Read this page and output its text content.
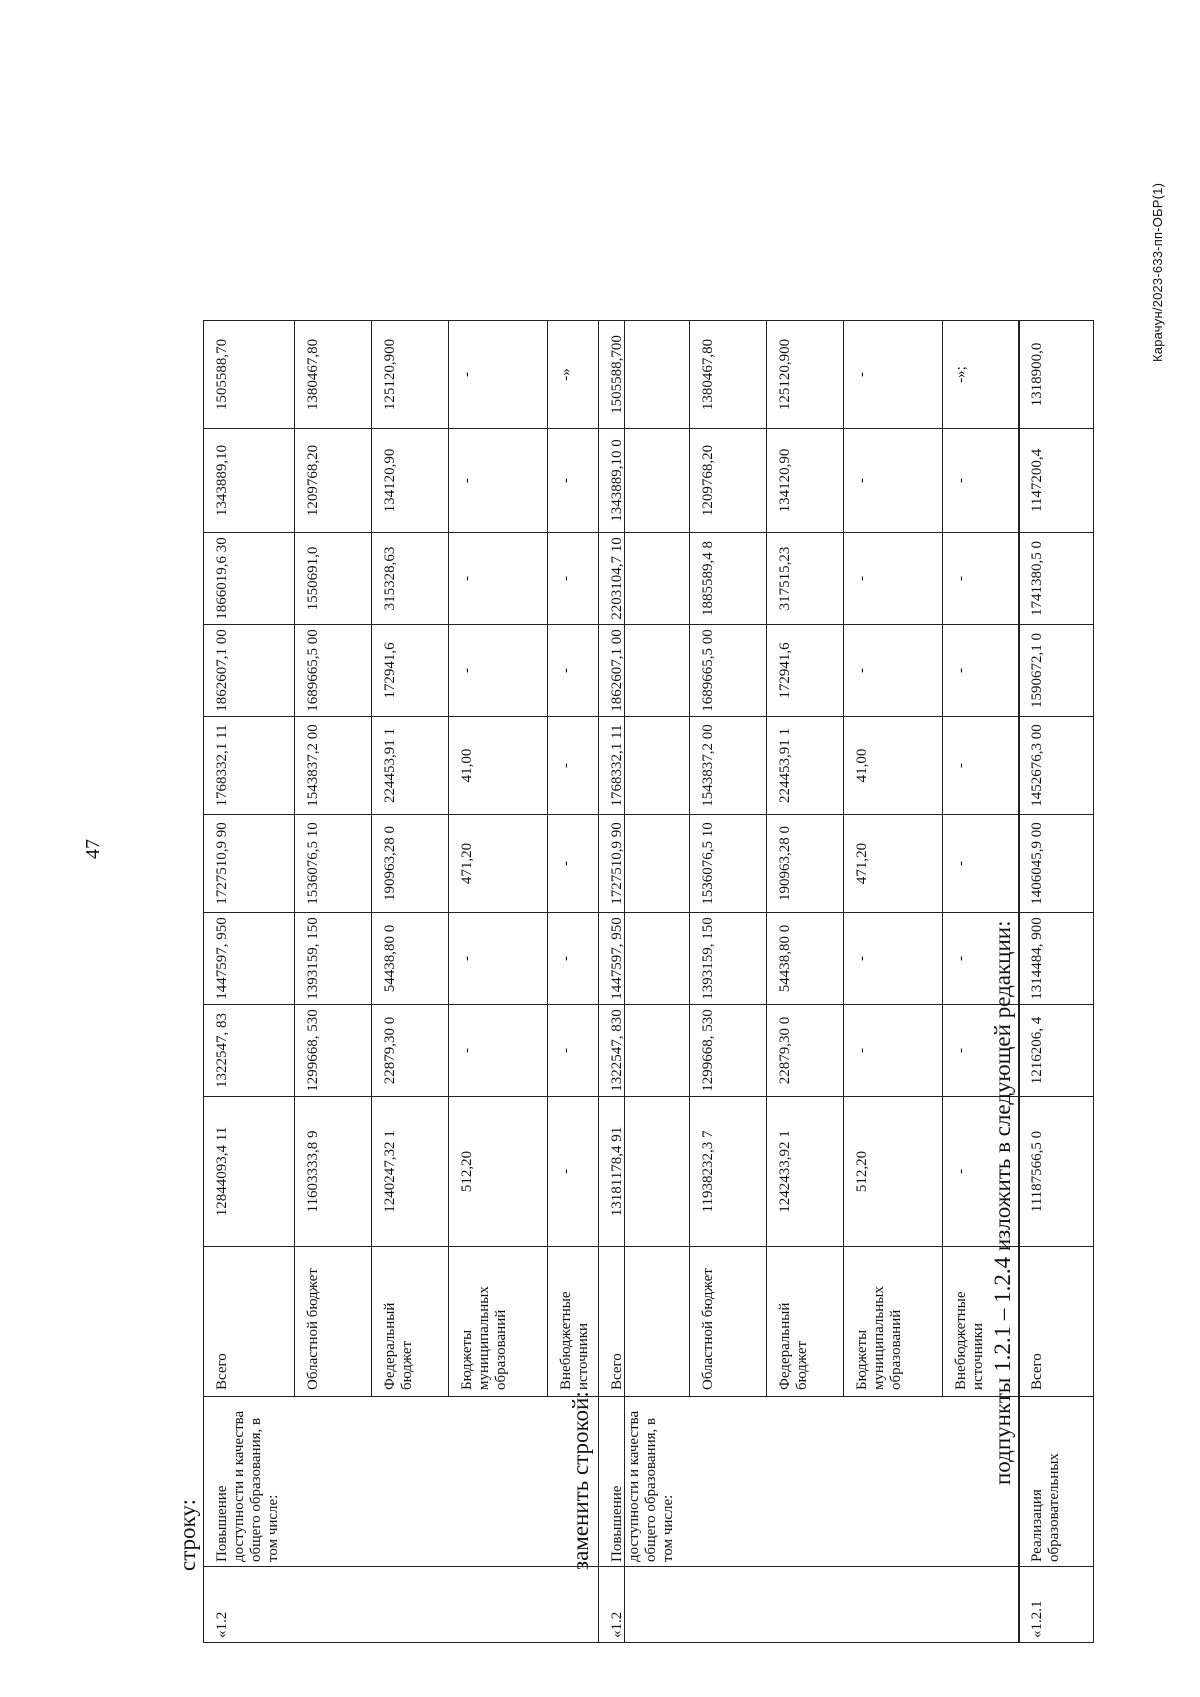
47
строку:
«1.2	Повышение доступности и качества общего образования, в том числе:	Всего	12844093,4 11	1322547, 83	1447597, 950	1727510,9 90	1768332,1 11	1862607,1 00	1866019,6 30	1343889,10	1505588,70
		Областной бюджет	11603333,8 9	1299668, 530	1393159, 150	1536076,5 10	1543837,2 00	1689665,5 00	1550691,0	1209768,20	1380467,80
		Федеральный бюджет	1240247,32 1	22879,30 0	54438,80 0	190963,28 0	224453,91 1	172941,6	315328,63	134120,90	125120,900
		Бюджеты муниципальных образований	512,20	-	-	471,20	41,00	-	-	-	-
		Внебюджетные источники	-	-	-	-	-	-	-	-	-»
заменить строкой:
«1.2	Повышение доступности и качества общего образования, в том числе:	Всего	13181178,4 91	1322547, 830	1447597, 950	1727510,9 90	1768332,1 11	1862607,1 00	2203104,7 10	1343889,10 0	1505588,700
		Областной бюджет	11938232,3 7	1299668, 530	1393159, 150	1536076,5 10	1543837,2 00	1689665,5 00	1885589,4 8	1209768,20	1380467,80
		Федеральный бюджет	1242433,92 1	22879,30 0	54438,80 0	190963,28 0	224453,91 1	172941,6	317515,23	134120,90	125120,900
		Бюджеты муниципальных образований	512,20	-	-	471,20	41,00	-	-	-	-
		Внебюджетные источники	-	-	-	-	-	-	-	-	-»;
подпункты 1.2.1 – 1.2.4 изложить в следующей редакции:
«1.2.1	Реализация образовательных	Всего	11187566,5 0	1216206, 4	1314484, 900	1406045,9 00	1452676,3 00	1590672,1 0	1741380,5 0	1147200,4	1318900,0
Карачун/2023-633-пп-ОБР(1)
